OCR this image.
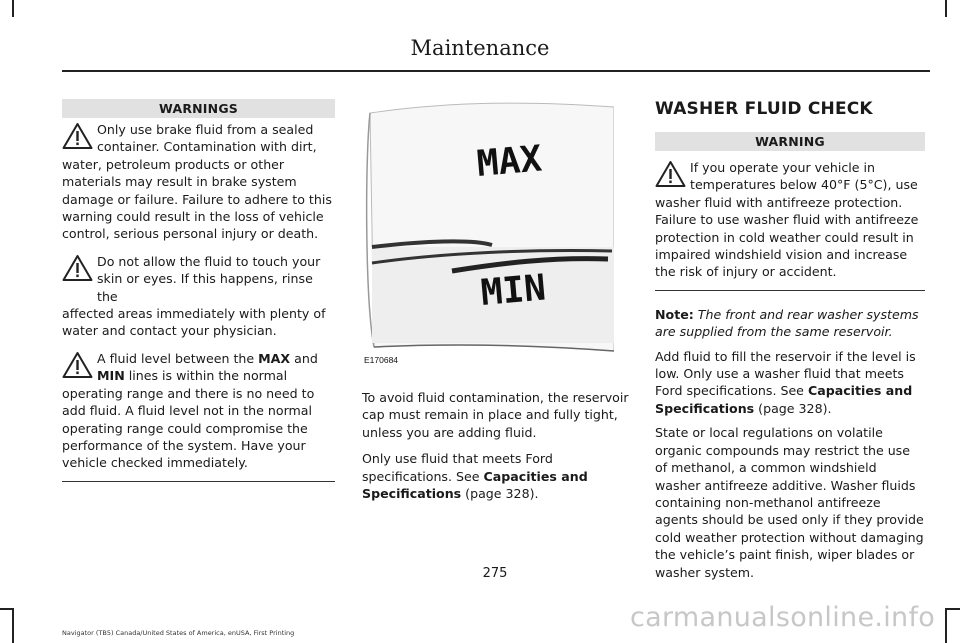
Maintenance
WARNINGS
Only use brake fluid from a sealed container. Contamination with dirt,
water, petroleum products or other materials may result in brake system damage or failure. Failure to adhere to this warning could result in the loss of vehicle control, serious personal injury or death.
Do not allow the fluid to touch your skin or eyes. If this happens, rinse the
affected areas immediately with plenty of water and contact your physician.
A fluid level between the MAX and
MIN lines is within the normal
operating range and there is no need to add fluid. A fluid level not in the normal operating range could compromise the performance of the system. Have your vehicle checked immediately.
MAX
MIN
E170684

To avoid fluid contamination, the reservoir cap must remain in place and fully tight, unless you are adding fluid.

Only use fluid that meets Ford specifications. See Capacities and Specifications (page 328).

WASHER FLUID CHECK
WARNING
If you operate your vehicle in temperatures below 40°F (5°C), use
washer fluid with antifreeze protection. Failure to use washer fluid with antifreeze protection in cold weather could result in impaired windshield vision and increase the risk of injury or accident.

Note: The front and rear washer systems are supplied from the same reservoir.

Add fluid to fill the reservoir if the level is low. Only use a washer fluid that meets Ford specifications. See Capacities and Specifications (page 328).

State or local regulations on volatile organic compounds may restrict the use of methanol, a common windshield washer antifreeze additive. Washer fluids containing non-methanol antifreeze agents should be used only if they provide cold weather protection without damaging the vehicle’s paint finish, wiper blades or washer system.

275
Navigator (TB5) Canada/United States of America, enUSA, First Printing	carmanualsonline.info
